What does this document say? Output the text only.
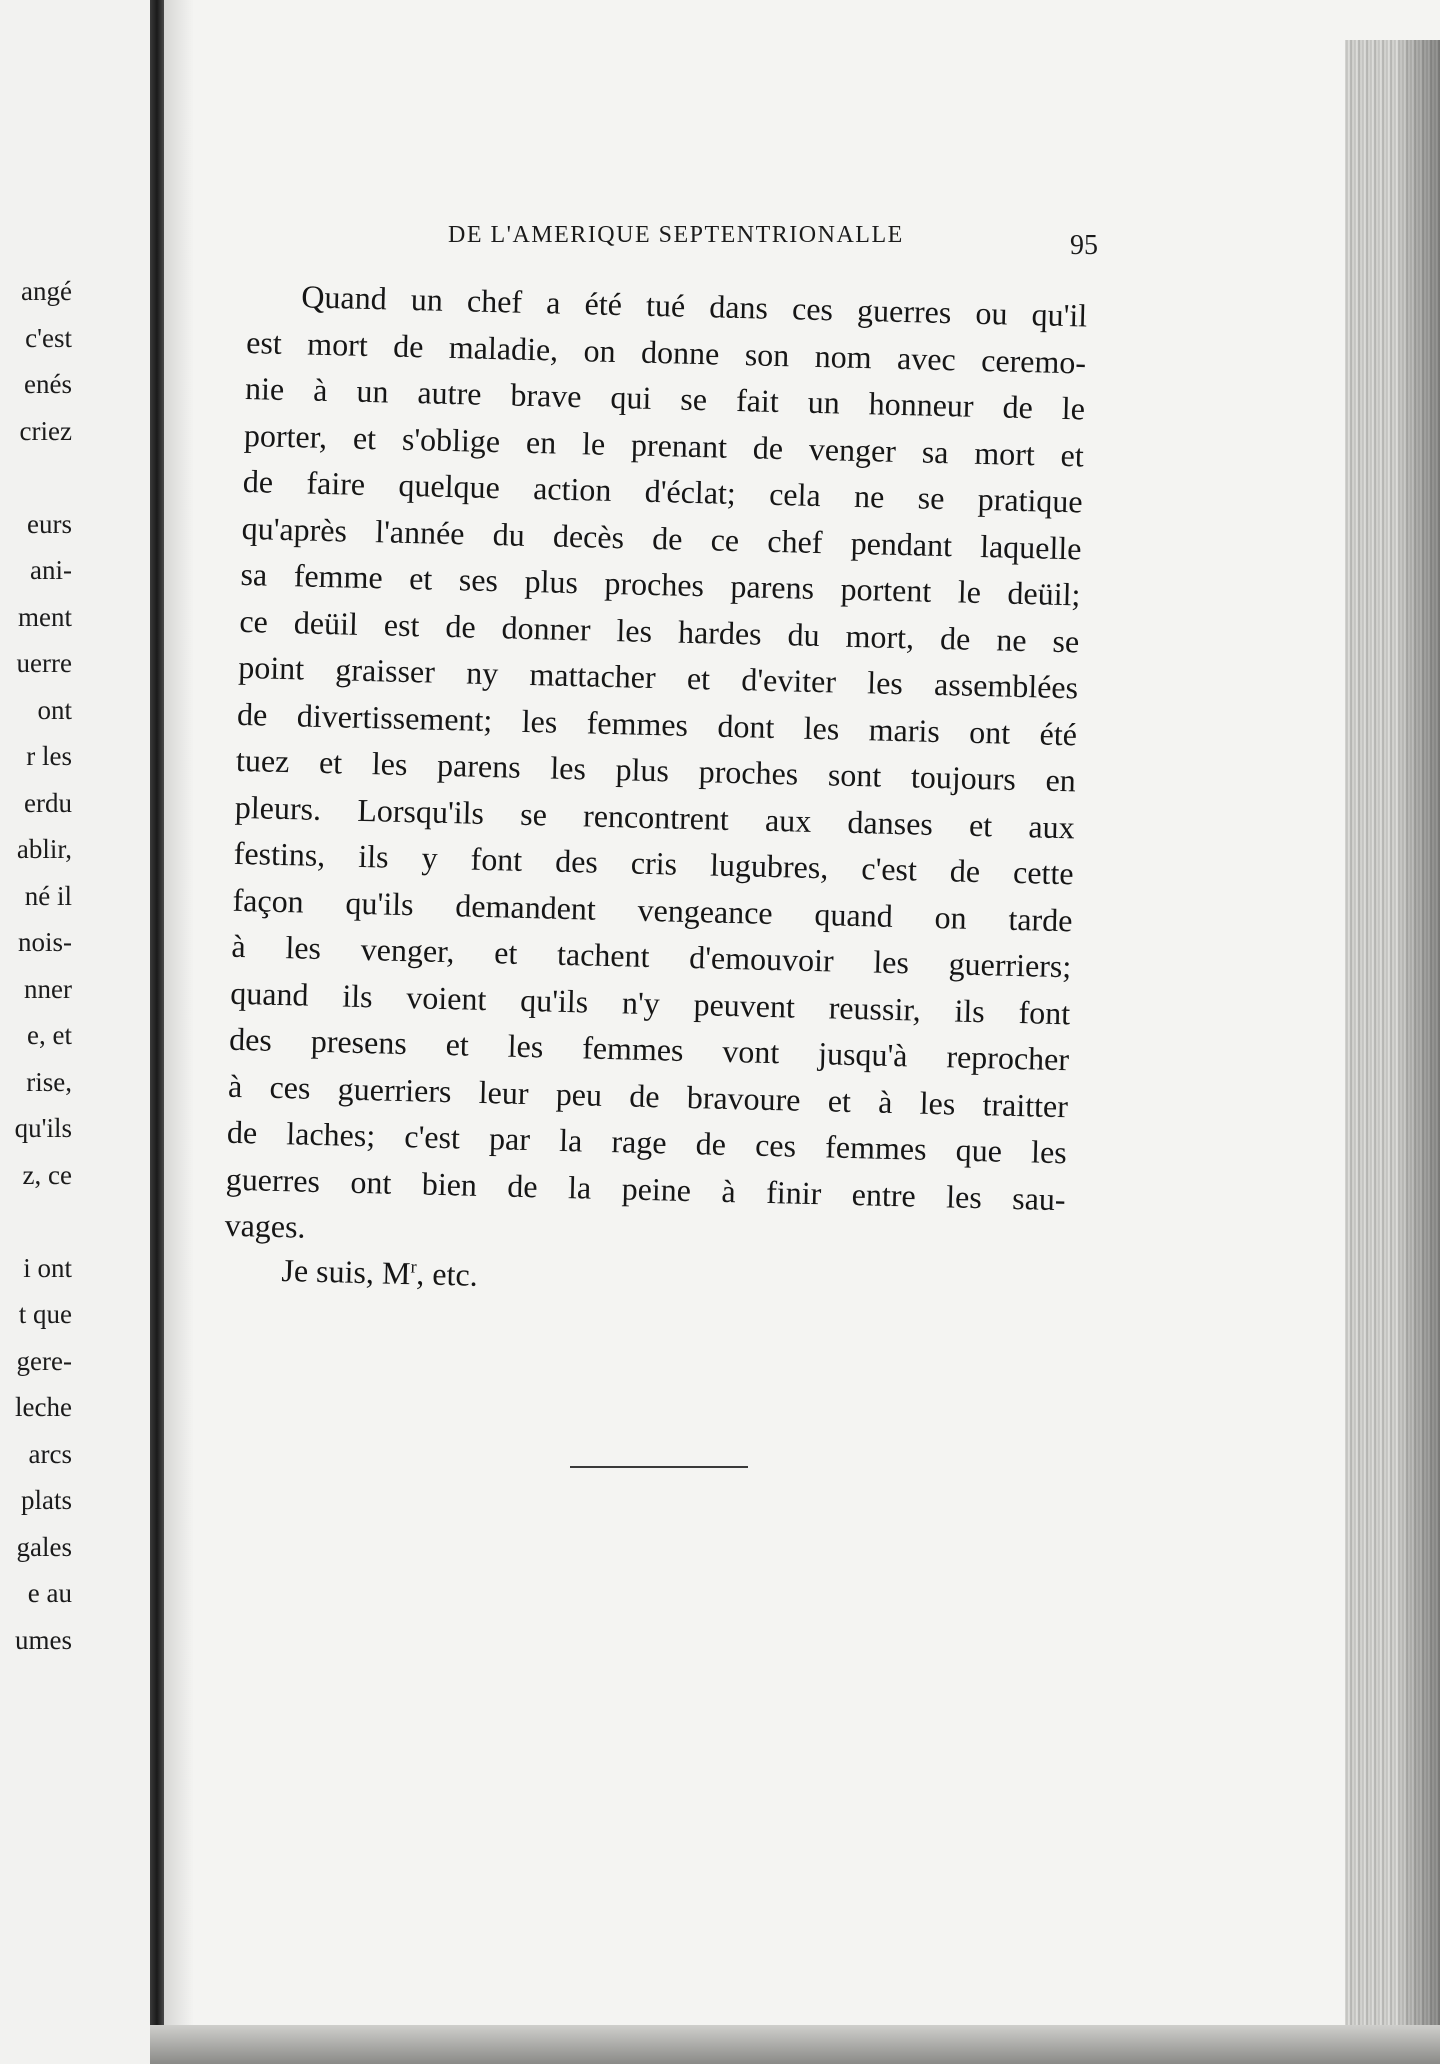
angé
c'est
enés
criez
eurs
ani-
ment
uerre
ont
r les
erdu
ablir,
né il
nois-
nner
e, et
rise,
qu'ils
z, ce
i ont
t que
gere-
leche
arcs
plats
gales
e au
umes
DE L'AMERIQUE SEPTENTRIONALLE	95
Quand un chef a été tué dans ces guerres ou qu'il
est mort de maladie, on donne son nom avec ceremo-
nie à un autre brave qui se fait un honneur de le
porter, et s'oblige en le prenant de venger sa mort et
de faire quelque action d'éclat; cela ne se pratique
qu'après l'année du decès de ce chef pendant laquelle
sa femme et ses plus proches parens portent le deüil;
ce deüil est de donner les hardes du mort, de ne se
point graisser ny mattacher et d'eviter les assemblées
de divertissement; les femmes dont les maris ont été
tuez et les parens les plus proches sont toujours en
pleurs. Lorsqu'ils se rencontrent aux danses et aux
festins, ils y font des cris lugubres, c'est de cette
façon qu'ils demandent vengeance quand on tarde
à les venger, et tachent d'emouvoir les guerriers;
quand ils voient qu'ils n'y peuvent reussir, ils font
des presens et les femmes vont jusqu'à reprocher
à ces guerriers leur peu de bravoure et à les traitter
de laches; c'est par la rage de ces femmes que les
guerres ont bien de la peine à finir entre les sau-
vages.
Je suis, $M^r$, etc.
